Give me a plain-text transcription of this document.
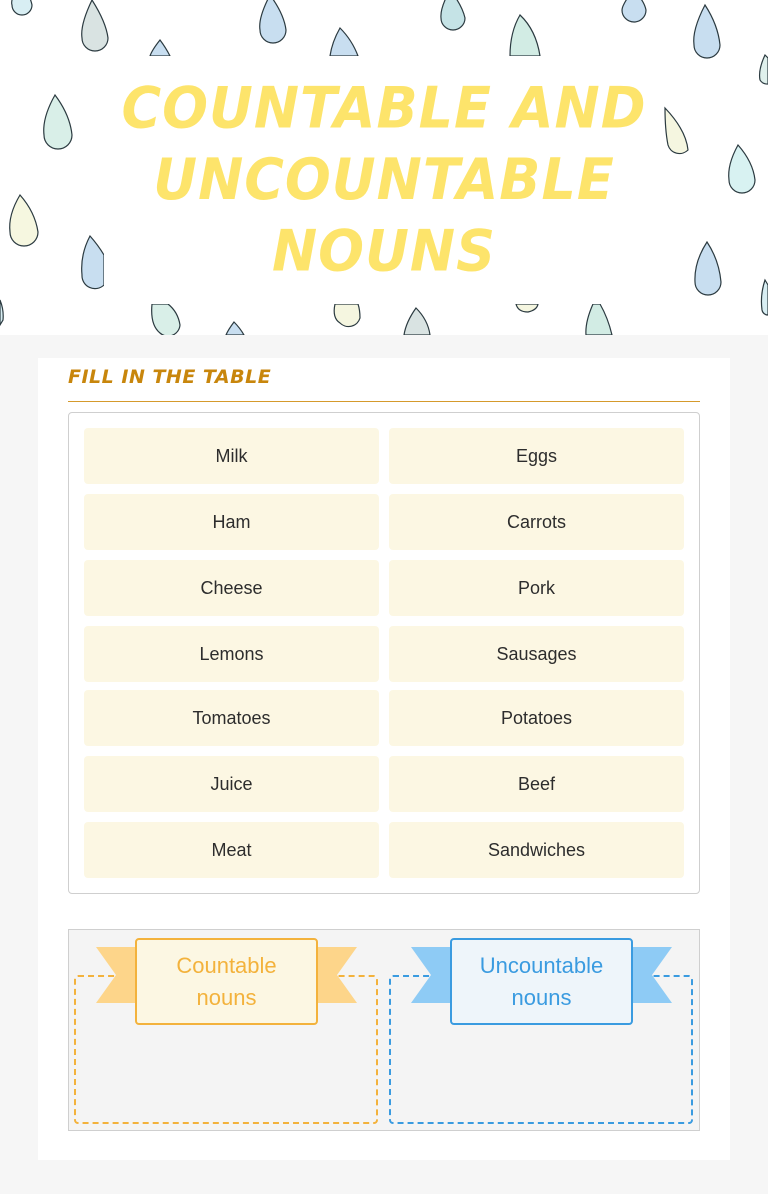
COUNTABLE AND
UNCOUNTABLE
NOUNS
FILL IN THE TABLE
Milk	Eggs
Ham	Carrots
Cheese	Pork
Lemons	Sausages
Tomatoes	Potatoes
Juice	Beef
Meat	Sandwiches
Countable
nouns
Uncountable
nouns
